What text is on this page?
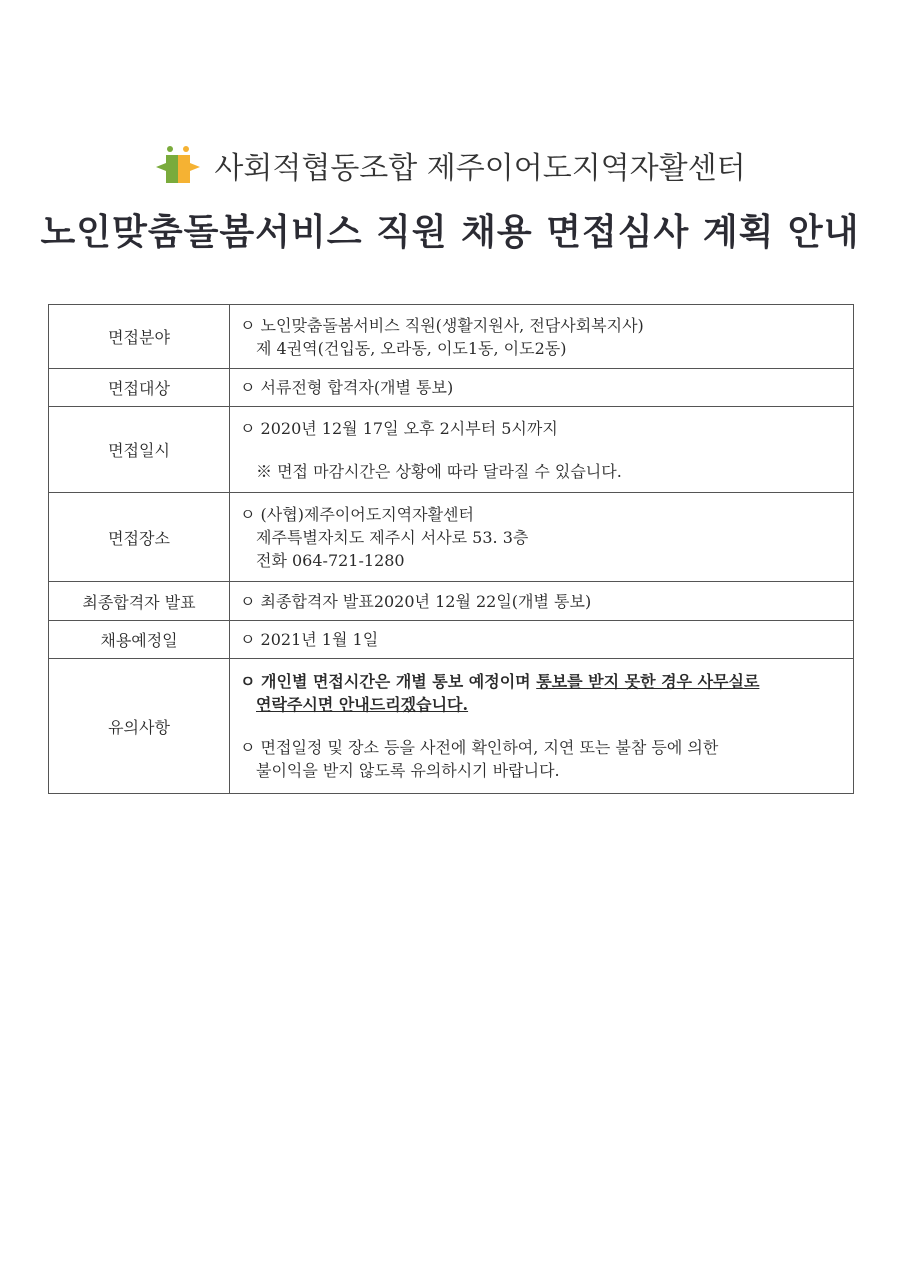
사회적협동조합 제주이어도지역자활센터
노인맞춤돌봄서비스 직원 채용 면접심사 계획 안내
면접분야	ㅇ 노인맞춤돌봄서비스 직원(생활지원사, 전담사회복지사)
제 4권역(건입동, 오라동, 이도1동, 이도2동)

면접대상	ㅇ 서류전형 합격자(개별 통보)

면접일시	ㅇ 2020년 12월 17일 오후 2시부터 5시까지
※ 면접 마감시간은 상황에 따라 달라질 수 있습니다.

면접장소	ㅇ (사협)제주이어도지역자활센터
제주특별자치도 제주시 서사로 53. 3층
전화 064-721-1280

최종합격자 발표	ㅇ 최종합격자 발표2020년 12월 22일(개별 통보)

채용예정일	ㅇ 2021년 1월 1일

유의사항	ㅇ 개인별 면접시간은 개별 통보 예정이며 통보를 받지 못한 경우 사무실로
연락주시면 안내드리겠습니다.
ㅇ 면접일정 및 장소 등을 사전에 확인하여, 지연 또는 불참 등에 의한
불이익을 받지 않도록 유의하시기 바랍니다.
